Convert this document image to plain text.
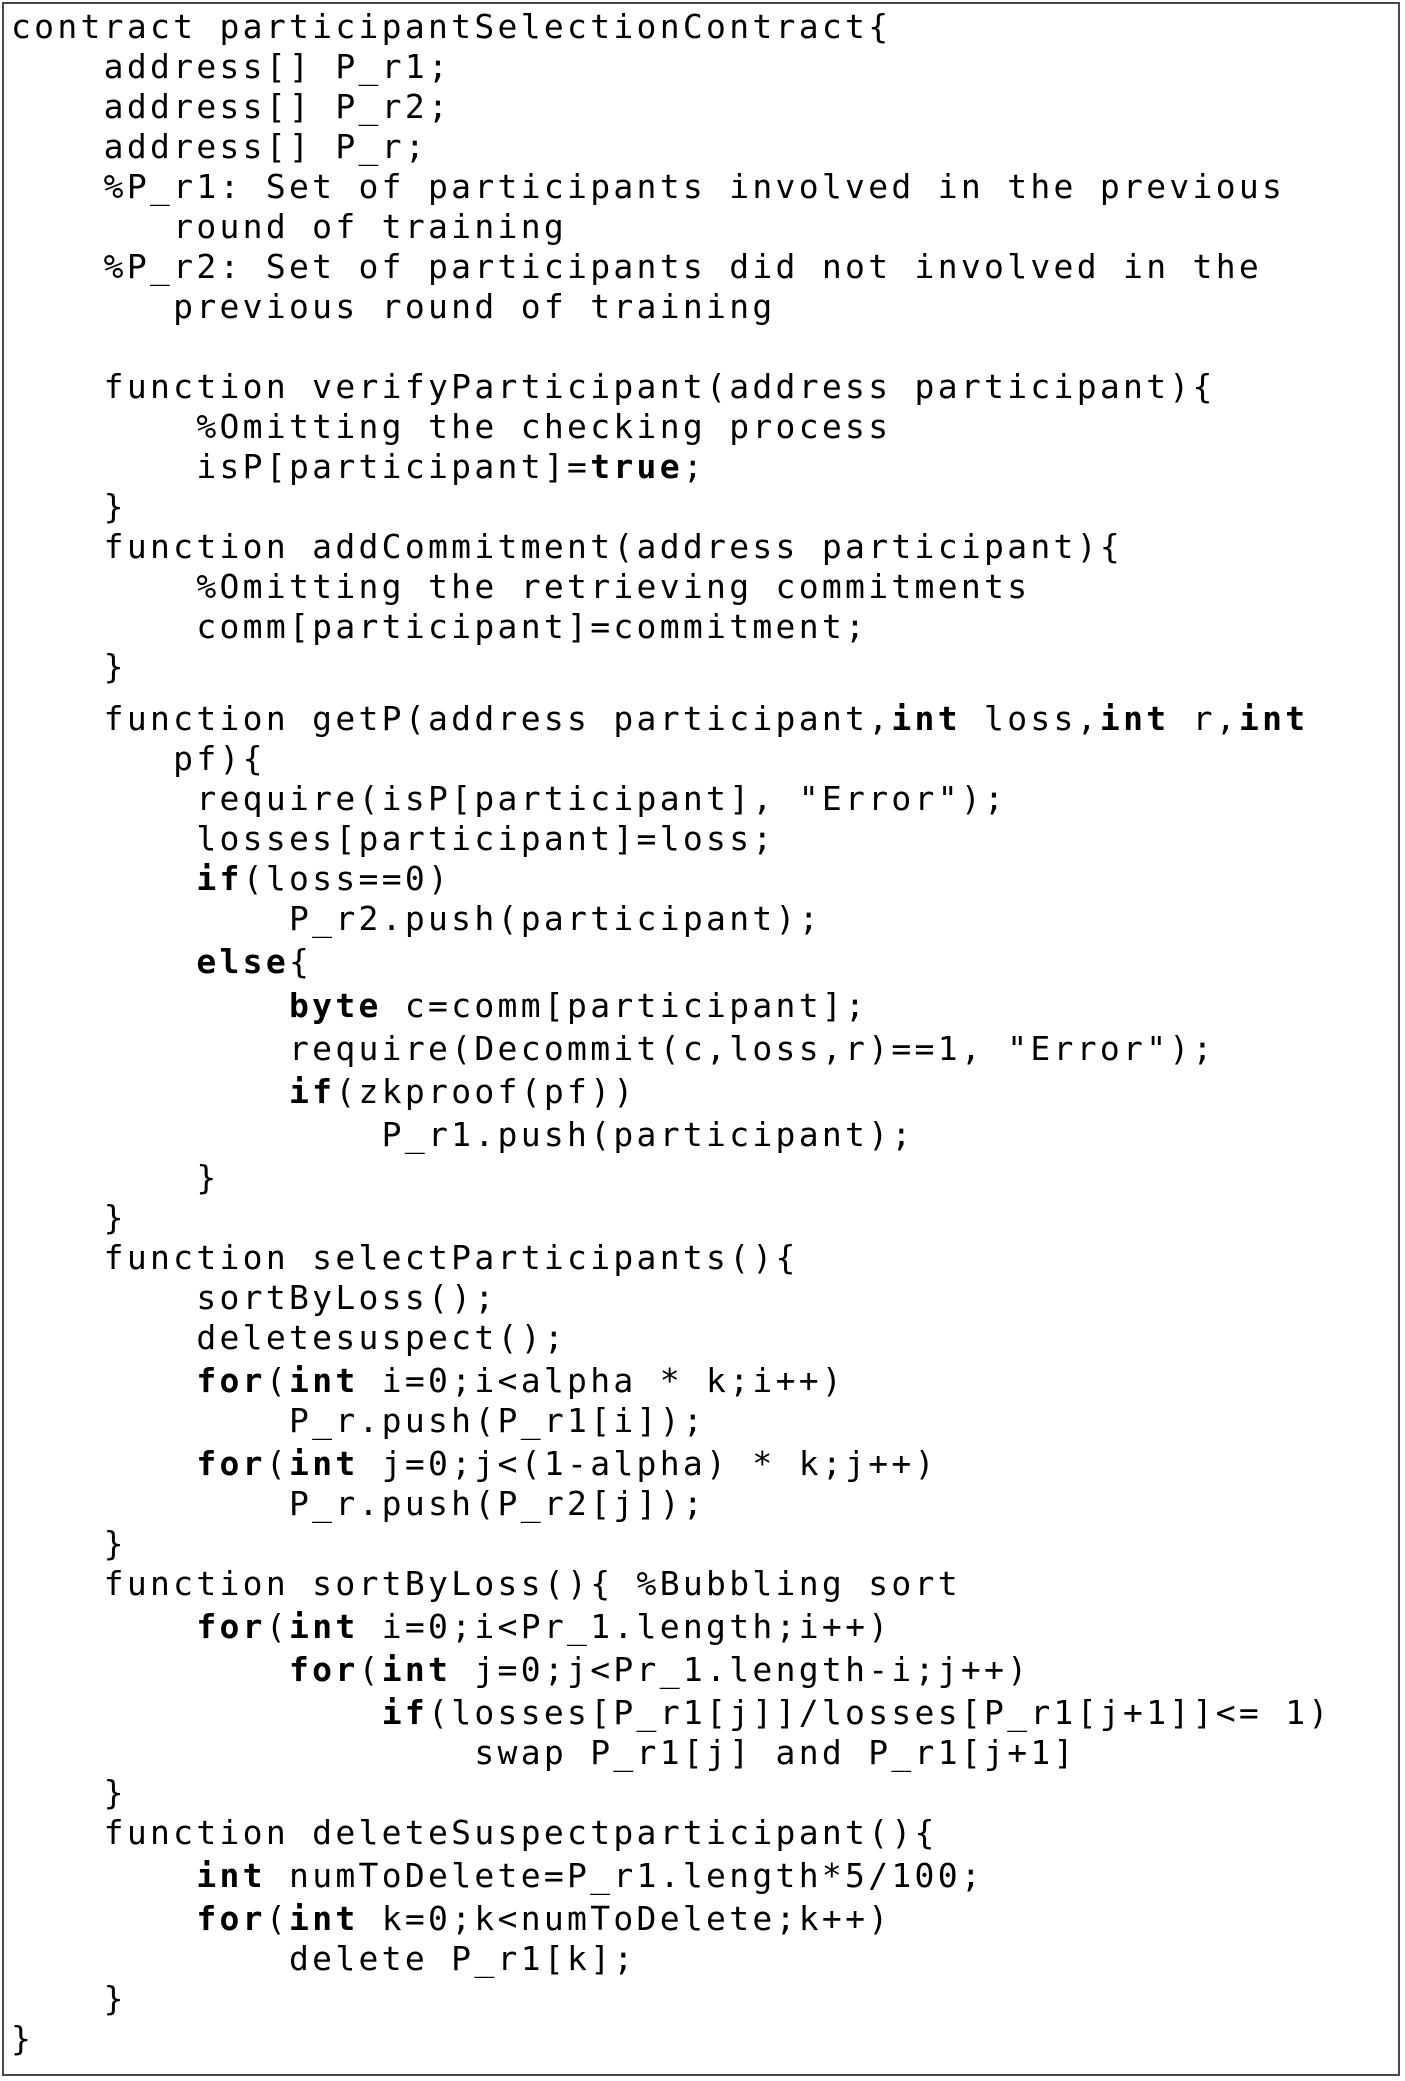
contract participantSelectionContract{
address[] P_r1;
address[] P_r2;
address[] P_r;
%P_r1: Set of participants involved in the previous
round of training
%P_r2: Set of participants did not involved in the
previous round of training
function verifyParticipant(address participant){
%Omitting the checking process
isP[participant]=true;
}
function addCommitment(address participant){
%Omitting the retrieving commitments
comm[participant]=commitment;
}
function getP(address participant,int loss,int r,int
pf){
require(isP[participant], "Error");
losses[participant]=loss;
if(loss==0)
P_r2.push(participant);
else{
byte c=comm[participant];
require(Decommit(c,loss,r)==1, "Error");
if(zkproof(pf))
P_r1.push(participant);
}
}
function selectParticipants(){
sortByLoss();
deletesuspect();
for(int i=0;i<alpha * k;i++)
P_r.push(P_r1[i]);
for(int j=0;j<(1-alpha) * k;j++)
P_r.push(P_r2[j]);
}
function sortByLoss(){ %Bubbling sort
for(int i=0;i<Pr_1.length;i++)
for(int j=0;j<Pr_1.length-i;j++)
if(losses[P_r1[j]]/losses[P_r1[j+1]]<= 1)
swap P_r1[j] and P_r1[j+1]
}
function deleteSuspectparticipant(){
int numToDelete=P_r1.length*5/100;
for(int k=0;k<numToDelete;k++)
delete P_r1[k];
}
}
